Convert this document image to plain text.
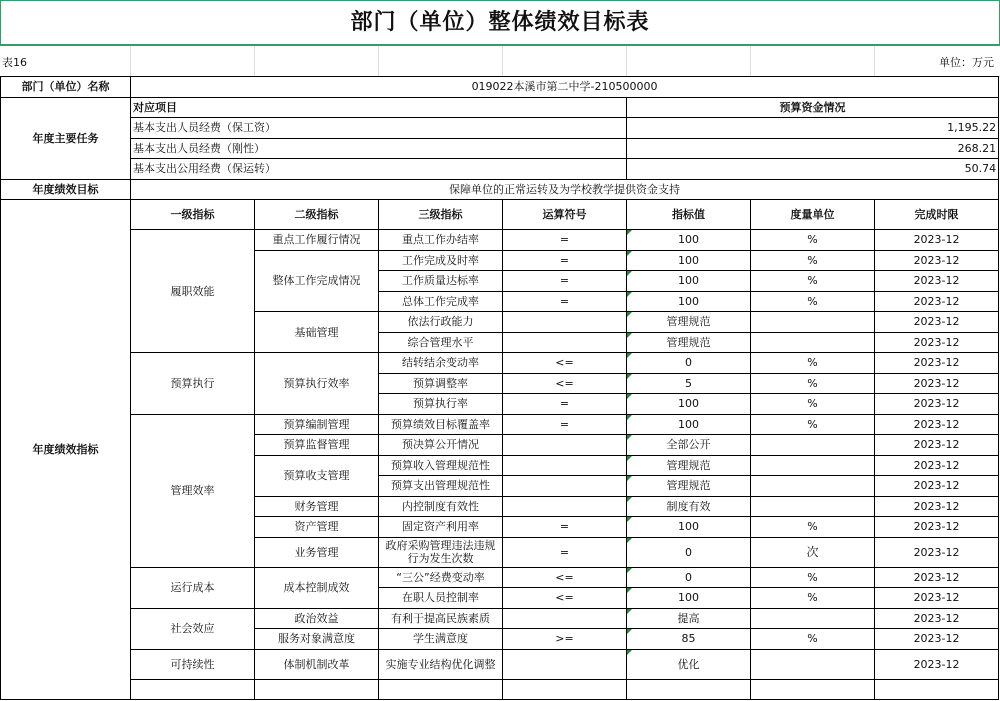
部门（单位）整体绩效目标表
表16	单位：万元
部门（单位）名称	019022本溪市第二中学-210500000							
年度主要任务	对应项目				预算资金情况			
	基本支出人员经费（保工资）				1,195.22			
	基本支出人员经费（刚性）				268.21			
	基本支出公用经费（保运转）				50.74			
年度绩效目标	保障单位的正常运转及为学校教学提供资金支持							
年度绩效指标	一级指标	二级指标	三级指标	运算符号	指标值	度量单位	完成时限	
	履职效能	重点工作履行情况	重点工作办结率	=	100	%	2023-12	
		整体工作完成情况	工作完成及时率	=	100	%	2023-12	
			工作质量达标率	=	100	%	2023-12	
			总体工作完成率	=	100	%	2023-12	
		基础管理	依法行政能力		管理规范		2023-12	
			综合管理水平		管理规范		2023-12	
	预算执行	预算执行效率	结转结余变动率	<=	0	%	2023-12	
			预算调整率	<=	5	%	2023-12	
			预算执行率	=	100	%	2023-12	
	管理效率	预算编制管理	预算绩效目标覆盖率	=	100	%	2023-12	
		预算监督管理	预决算公开情况		全部公开		2023-12	
		预算收支管理	预算收入管理规范性		管理规范		2023-12	
			预算支出管理规范性		管理规范		2023-12	
		财务管理	内控制度有效性		制度有效		2023-12	
		资产管理	固定资产利用率	=	100	%	2023-12	
		业务管理	政府采购管理违法违规行为发生次数	=	0	次	2023-12	
	运行成本	成本控制成效	“三公”经费变动率	<=	0	%	2023-12	
			在职人员控制率	<=	100	%	2023-12	
	社会效应	政治效益	有利于提高民族素质		提高		2023-12	
		服务对象满意度	学生满意度	>=	85	%	2023-12	
	可持续性	体制机制改革	实施专业结构优化调整		优化		2023-12	
